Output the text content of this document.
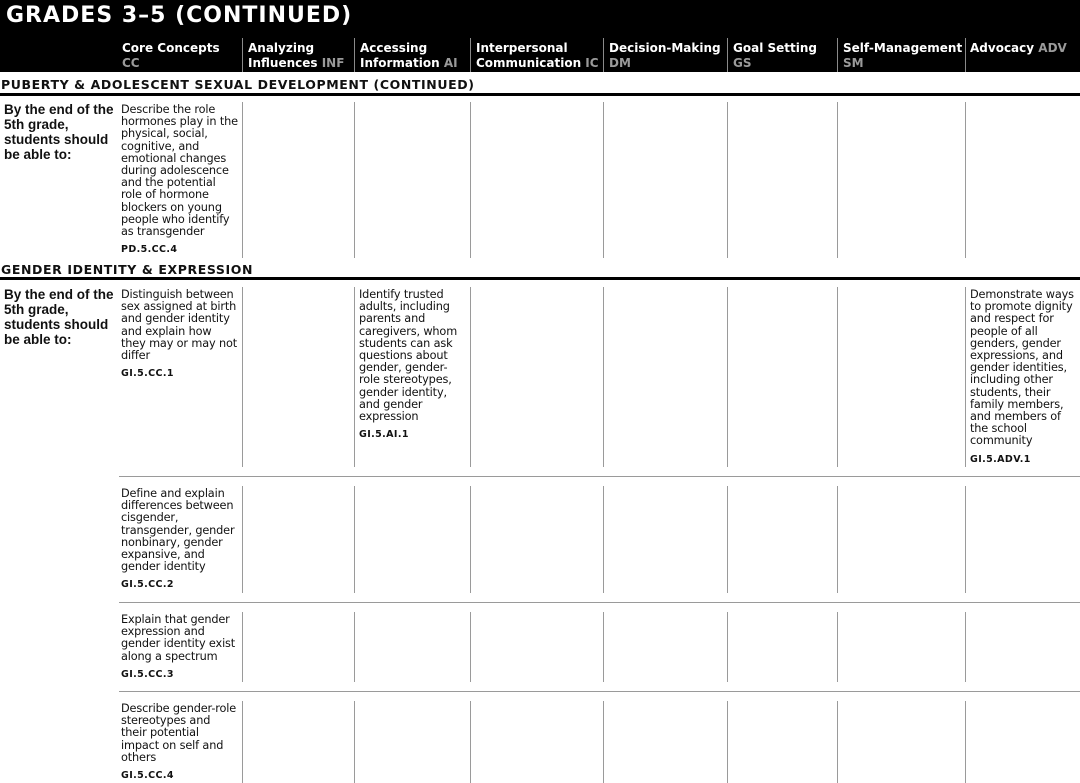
GRADES 3–5 (CONTINUED)
Core Concepts
CC
Analyzing
Influences INF
Accessing
Information AI
Interpersonal
Communication IC
Decision-Making
DM
Goal Setting
GS
Self-Management
SM
Advocacy ADV
PUBERTY & ADOLESCENT SEXUAL DEVELOPMENT (CONTINUED)
By the end of the 5th grade, students should be able to:
Describe the role hormones play in the physical, social, cognitive, and emotional changes during adolescence and the potential role of hormone blockers on young people who identify as transgender
PD.5.CC.4
GENDER IDENTITY & EXPRESSION
By the end of the 5th grade, students should be able to:
Distinguish between sex assigned at birth and gender identity and explain how they may or may not differ
GI.5.CC.1
Define and explain differences between cisgender, transgender, gender nonbinary, gender expansive, and gender identity
GI.5.CC.2
Explain that gender expression and gender identity exist along a spectrum
GI.5.CC.3
Describe gender-role stereotypes and their potential impact on self and others
GI.5.CC.4
Identify trusted adults, including parents and caregivers, whom students can ask questions about gender, gender-role stereotypes, gender identity, and gender expression
GI.5.AI.1
Demonstrate ways to promote dignity and respect for people of all genders, gender expressions, and gender identities, including other students, their family members, and members of the school community
GI.5.ADV.1
